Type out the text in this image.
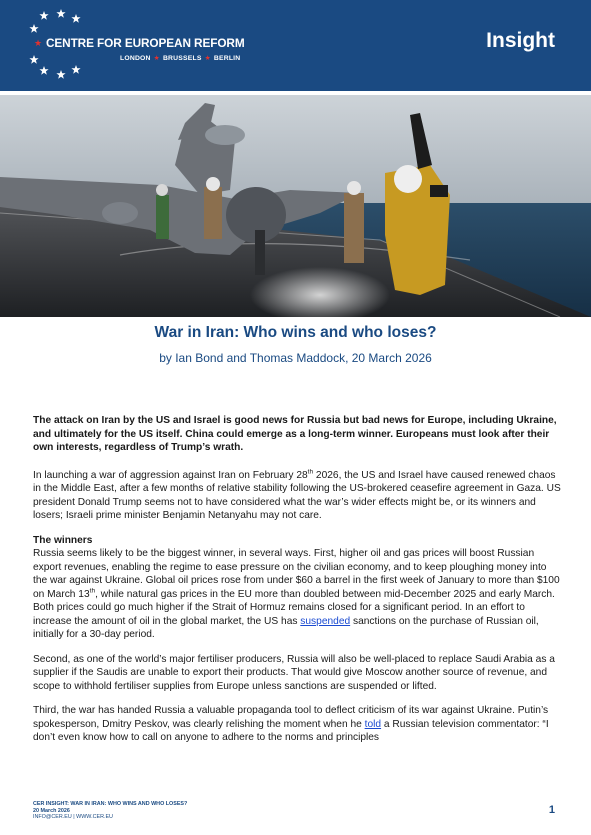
★ CENTRE FOR EUROPEAN REFORM
LONDON ★ BRUSSELS ★ BERLIN
Insight
War in Iran: Who wins and who loses?
by Ian Bond and Thomas Maddock, 20 March 2026

The attack on Iran by the US and Israel is good news for Russia but bad news for Europe, including Ukraine, and ultimately for the US itself. China could emerge as a long-term winner. Europeans must look after their own interests, regardless of Trump’s wrath.

In launching a war of aggression against Iran on February 28th 2026, the US and Israel have caused renewed chaos in the Middle East, after a few months of relative stability following the US-brokered ceasefire agreement in Gaza. US president Donald Trump seems not to have considered what the war’s wider effects might be, or its winners and losers; Israeli prime minister Benjamin Netanyahu may not care.

The winners

Russia seems likely to be the biggest winner, in several ways. First, higher oil and gas prices will boost Russian export revenues, enabling the regime to ease pressure on the civilian economy, and to keep ploughing money into the war against Ukraine. Global oil prices rose from under $60 a barrel in the first week of January to more than $100 on March 13th, while natural gas prices in the EU more than doubled between mid-December 2025 and early March. Both prices could go much higher if the Strait of Hormuz remains closed for a significant period. In an effort to increase the amount of oil in the global market, the US has suspended sanctions on the purchase of Russian oil, initially for a 30-day period.

Second, as one of the world’s major fertiliser producers, Russia will also be well-placed to replace Saudi Arabia as a supplier if the Saudis are unable to export their products. That would give Moscow another source of revenue, and scope to withhold fertiliser supplies from Europe unless sanctions are suspended or lifted.

Third, the war has handed Russia a valuable propaganda tool to deflect criticism of its war against Ukraine. Putin’s spokesperson, Dmitry Peskov, was clearly relishing the moment when he told a Russian television commentator: “I don’t even know how to call on anyone to adhere to the norms and principles

CER INSIGHT: WAR IN IRAN: WHO WINS AND WHO LOSES?
20 March 2026
INFO@CER.EU | WWW.CER.EU
1
